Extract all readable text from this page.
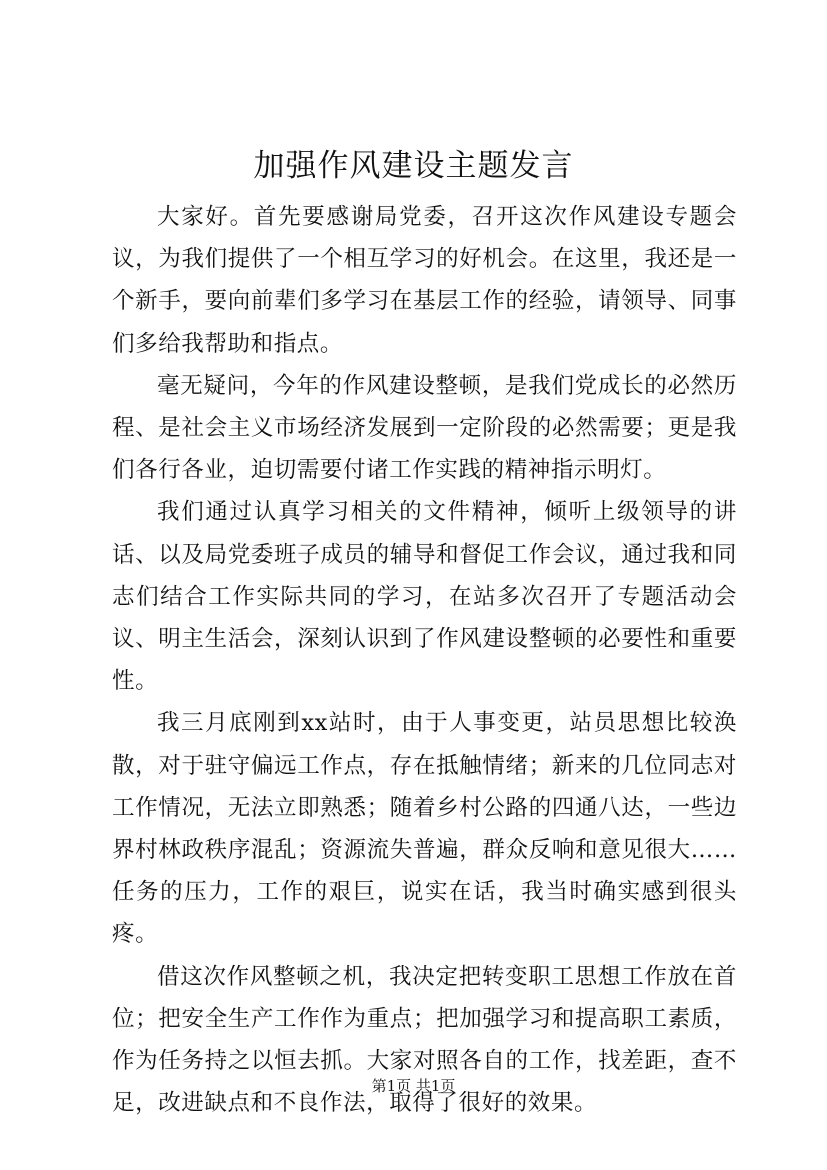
加强作风建设主题发言

大家好。首先要感谢局党委，召开这次作风建设专题会议，为我们提供了一个相互学习的好机会。在这里，我还是一个新手，要向前辈们多学习在基层工作的经验，请领导、同事们多给我帮助和指点。

毫无疑问，今年的作风建设整顿，是我们党成长的必然历程、是社会主义市场经济发展到一定阶段的必然需要；更是我们各行各业，迫切需要付诸工作实践的精神指示明灯。

我们通过认真学习相关的文件精神，倾听上级领导的讲话、以及局党委班子成员的辅导和督促工作会议，通过我和同志们结合工作实际共同的学习，在站多次召开了专题活动会议、明主生活会，深刻认识到了作风建设整顿的必要性和重要性。

我三月底刚到xx站时，由于人事变更，站员思想比较涣散，对于驻守偏远工作点，存在抵触情绪；新来的几位同志对工作情况，无法立即熟悉；随着乡村公路的四通八达，一些边界村林政秩序混乱；资源流失普遍，群众反响和意见很大……任务的压力，工作的艰巨，说实在话，我当时确实感到很头疼。

借这次作风整顿之机，我决定把转变职工思想工作放在首位；把安全生产工作作为重点；把加强学习和提高职工素质，作为任务持之以恒去抓。大家对照各自的工作，找差距，查不足，改进缺点和不良作法，取得了很好的效果。

第1页 共1页
